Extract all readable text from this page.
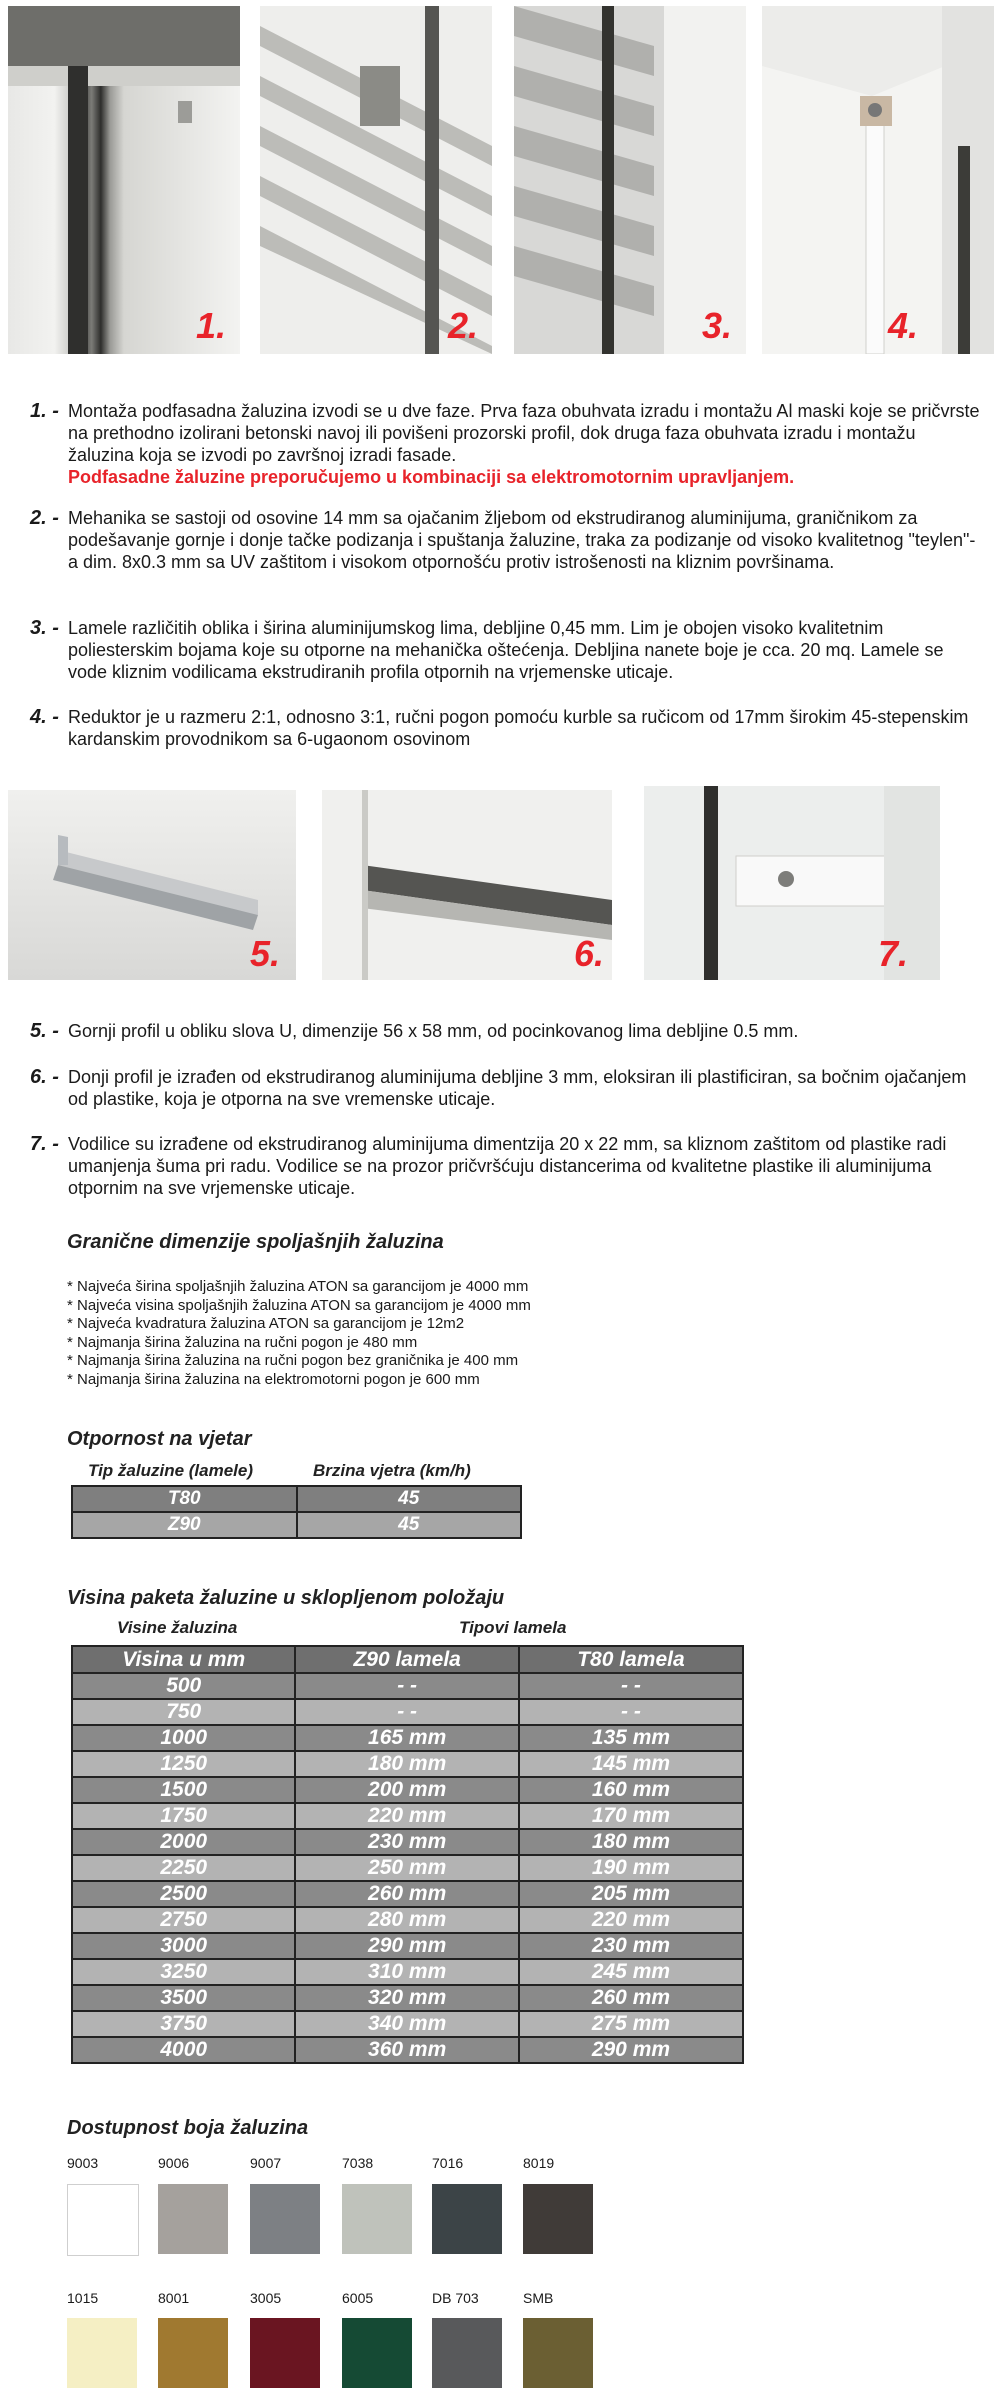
1.	2.	3.	4.
1. - Montaža podfasadna žaluzina izvodi se u dve faze. Prva faza obuhvata izradu i montažu Al maski koje se pričvrste na prethodno izolirani betonski navoj ili povišeni prozorski profil, dok druga faza obuhvata izradu i montažu žaluzina koja se izvodi po završnoj izradi fasade.
Podfasadne žaluzine preporučujemo u kombinaciji sa elektromotornim upravljanjem.
2. - Mehanika se sastoji od osovine 14 mm sa ojačanim žljebom od ekstrudiranog aluminijuma, graničnikom za podešavanje gornje i donje tačke podizanja i spuštanja žaluzine, traka za podizanje od visoko kvalitetnog "teylen"-a dim. 8x0.3 mm sa UV zaštitom i visokom otpornošću protiv istrošenosti na kliznim površinama.
3. - Lamele različitih oblika i širina aluminijumskog lima, debljine 0,45 mm. Lim je obojen visoko kvalitetnim poliesterskim bojama koje su otporne na mehanička oštećenja. Debljina nanete boje je cca. 20 mq. Lamele se vode kliznim vodilicama ekstrudiranih profila otpornih na vrjemenske uticaje.
4. - Reduktor je u razmeru 2:1, odnosno 3:1, ručni pogon pomoću kurble sa ručicom od 17mm širokim 45-stepenskim kardanskim provodnikom sa 6-ugaonom osovinom
5.	6.	7.
5. - Gornji profil u obliku slova U, dimenzije 56 x 58 mm, od pocinkovanog lima debljine 0.5 mm.
6. - Donji profil je izrađen od ekstrudiranog aluminijuma debljine 3 mm, eloksiran ili plastificiran, sa bočnim ojačanjem od plastike, koja je otporna na sve vremenske uticaje.
7. - Vodilice su izrađene od ekstrudiranog aluminijuma dimentzija 20 x 22 mm, sa kliznom zaštitom od plastike radi umanjenja šuma pri radu. Vodilice se na prozor pričvršćuju distancerima od kvalitetne plastike ili aluminijuma otpornim na sve vrjemenske uticaje.
Granične dimenzije spoljašnjih žaluzina
* Najveća širina spoljašnjih žaluzina ATON sa garancijom je 4000 mm
* Najveća visina spoljašnjih žaluzina ATON sa garancijom je 4000 mm
* Najveća kvadratura žaluzina ATON sa garancijom je 12m2
* Najmanja širina žaluzina na ručni pogon je 480 mm
* Najmanja širina žaluzina na ručni pogon bez graničnika je 400 mm
* Najmanja širina žaluzina na elektromotorni pogon je 600 mm
Otpornost na vjetar
Tip žaluzine (lamele)	Brzina vjetra (km/h)
T80	45
Z90	45
Visina paketa žaluzine u sklopljenom položaju
Visine žaluzina	Tipovi lamela
Visina u mm	Z90 lamela	T80 lamela
500	- -	- -
750	- -	- -
1000	165 mm	135 mm
1250	180 mm	145 mm
1500	200 mm	160 mm
1750	220 mm	170 mm
2000	230 mm	180 mm
2250	250 mm	190 mm
2500	260 mm	205 mm
2750	280 mm	220 mm
3000	290 mm	230 mm
3250	310 mm	245 mm
3500	320 mm	260 mm
3750	340 mm	275 mm
4000	360 mm	290 mm
Dostupnost boja žaluzina
9003	9006	9007	7038	7016	8019
1015	8001	3005	6005	DB 703	SMB
